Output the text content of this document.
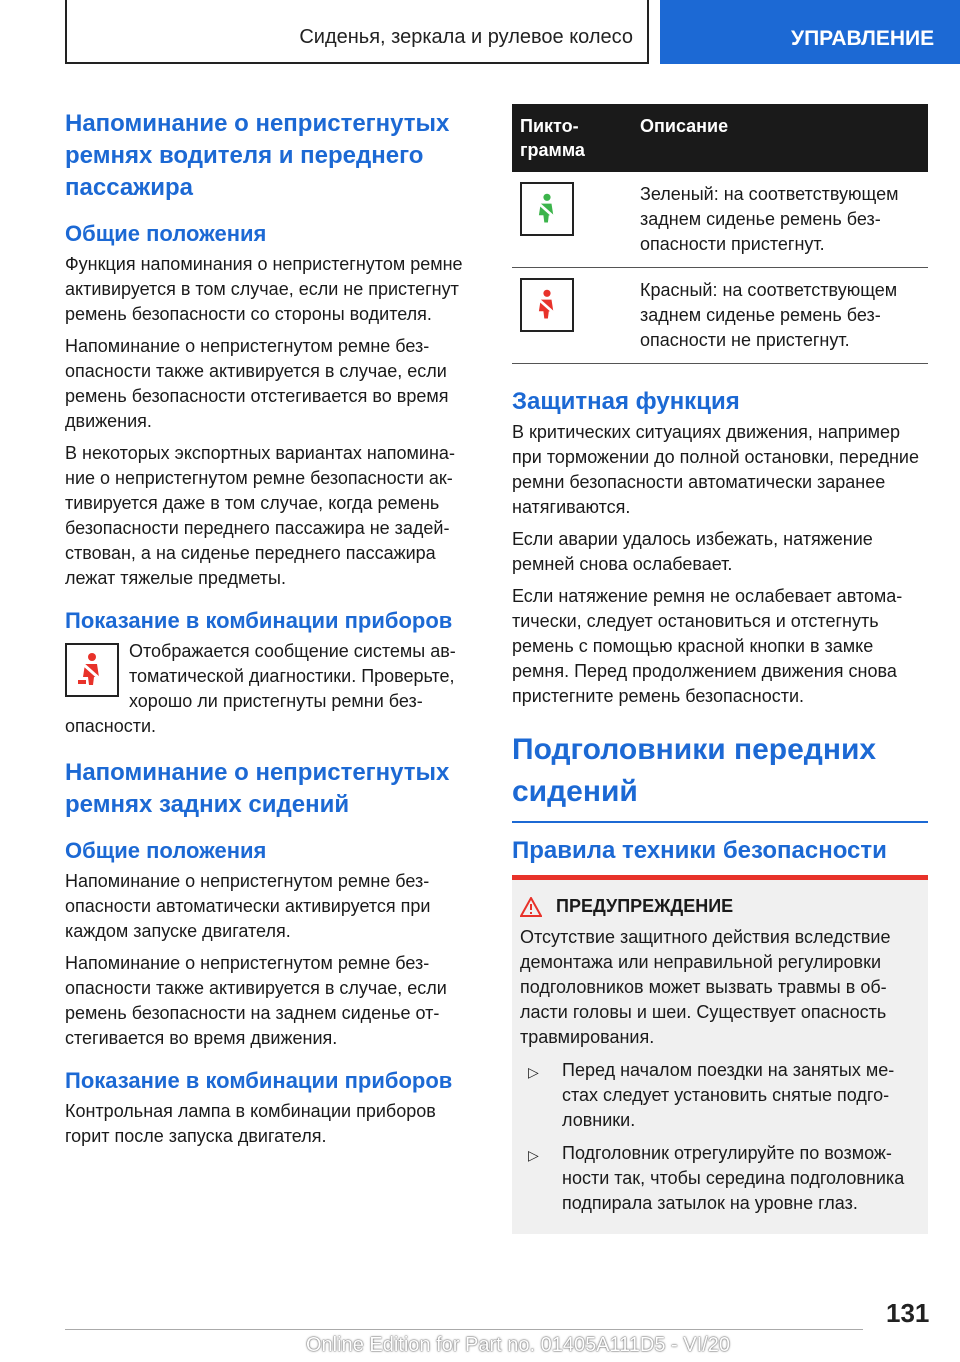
Сиденья, зеркала и рулевое колесо	УПРАВЛЕНИЕ
Напоминание о непристегнутых ремнях водителя и переднего пассажира
Общие положения

Функция напоминания о непристегнутом ремне активируется в том случае, если не пристегнут ремень безопасности со стороны водителя.

Напоминание о непристегнутом ремне безопасности также активируется в случае, если ремень безопасности отстегивается во время движения.

В некоторых экспортных вариантах напоминание о непристегнутом ремне безопасности активируется даже в том случае, когда ремень безопасности переднего пассажира не задействован, а на сиденье переднего пассажира лежат тяжелые предметы.

Показание в комбинации приборов

Отображается сообщение системы автоматической диагностики. Проверьте, хорошо ли пристегнуты ремни безопасности.

Напоминание о непристегнутых ремнях задних сидений
Общие положения

Напоминание о непристегнутом ремне безопасности автоматически активируется при каждом запуске двигателя.

Напоминание о непристегнутом ремне безопасности также активируется в случае, если ремень безопасности на заднем сиденье отстегивается во время движения.

Показание в комбинации приборов

Контрольная лампа в комбинации приборов горит после запуска двигателя.

Пиктограмма	Описание

	Зеленый: на соответствующем заднем сиденье ремень безопасности пристегнут.

	Красный: на соответствующем заднем сиденье ремень безопасности не пристегнут.
Защитная функция

В критических ситуациях движения, например при торможении до полной остановки, передние ремни безопасности автоматически заранее натягиваются.

Если аварии удалось избежать, натяжение ремней снова ослабевает.

Если натяжение ремня не ослабевает автоматически, следует остановиться и отстегнуть ремень с помощью красной кнопки в замке ремня. Перед продолжением движения снова пристегните ремень безопасности.

Подголовники передних сидений
Правила техники безопасности
ПРЕДУПРЕЖДЕНИЕ

Отсутствие защитного действия вследствие демонтажа или неправильной регулировки подголовников может вызвать травмы в области головы и шеи. Существует опасность травмирования.

▷	Перед началом поездки на занятых местах следует установить снятые подголовники.
▷	Подголовник отрегулируйте по возможности так, чтобы середина подголовника подпирала затылок на уровне глаз.
131
Online Edition for Part no. 01405A111D5 - VI/20
